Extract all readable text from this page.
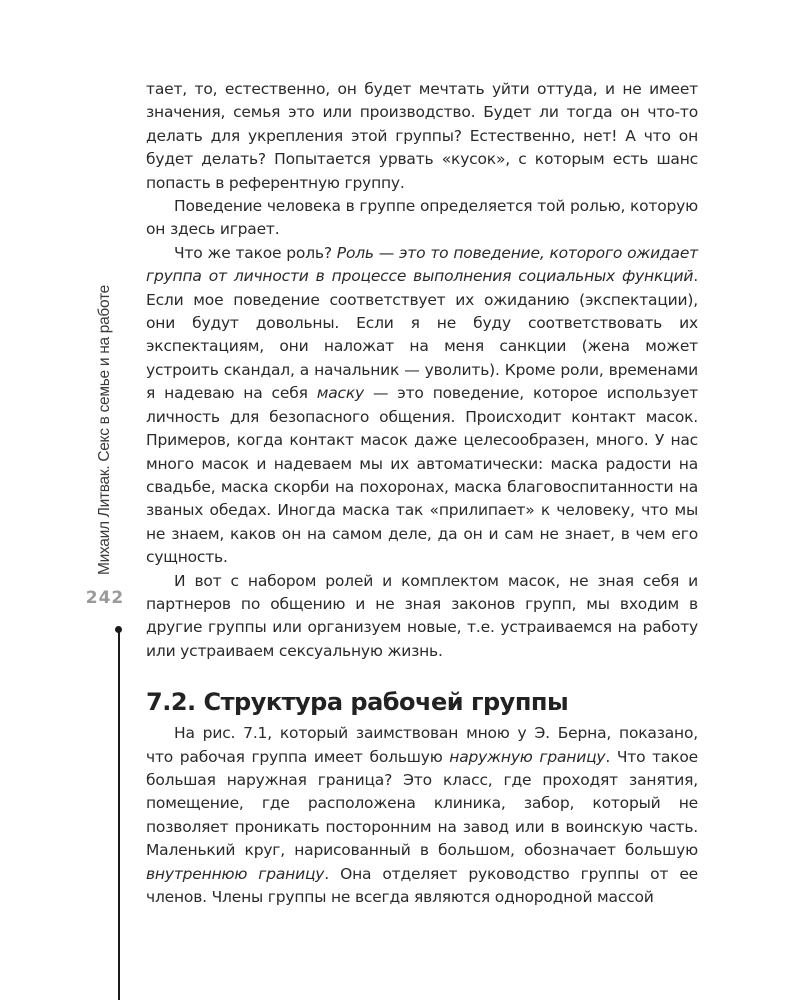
Михаил Литвак. Секс в семье и на работе
242

тает, то, естественно, он будет мечтать уйти оттуда, и не имеет значения, семья это или производство. Будет ли тогда он что-то делать для укрепления этой группы? Естественно, нет! А что он будет делать? Попытается урвать «кусок», с которым есть шанс попасть в референтную группу.

Поведение человека в группе определяется той ролью, которую он здесь играет.

Что же такое роль? Роль — это то поведение, которого ожидает группа от личности в процессе выполнения социальных функций. Если мое поведение соответствует их ожиданию (экспектации), они будут довольны. Если я не буду соответствовать их экспектациям, они наложат на меня санкции (жена может устроить скандал, а начальник — уволить). Кроме роли, временами я надеваю на себя маску — это поведение, которое использует личность для безопасного общения. Происходит контакт масок. Примеров, когда контакт масок даже целесообразен, много. У нас много масок и надеваем мы их автоматически: маска радости на свадьбе, маска скорби на похоронах, маска благовоспитанности на званых обедах. Иногда маска так «прилипает» к человеку, что мы не знаем, каков он на самом деле, да он и сам не знает, в чем его сущность.

И вот с набором ролей и комплектом масок, не зная себя и партнеров по общению и не зная законов групп, мы входим в другие группы или организуем новые, т.е. устраиваемся на работу или устраиваем сексуальную жизнь.

7.2. Структура рабочей группы

На рис. 7.1, который заимствован мною у Э. Берна, показано, что рабочая группа имеет большую наружную границу. Что такое большая наружная граница? Это класс, где проходят занятия, помещение, где расположена клиника, забор, который не позволяет проникать посторонним на завод или в воинскую часть. Маленький круг, нарисованный в большом, обозначает большую внутреннюю границу. Она отделяет руководство группы от ее членов. Члены группы не всегда являются однородной массой
